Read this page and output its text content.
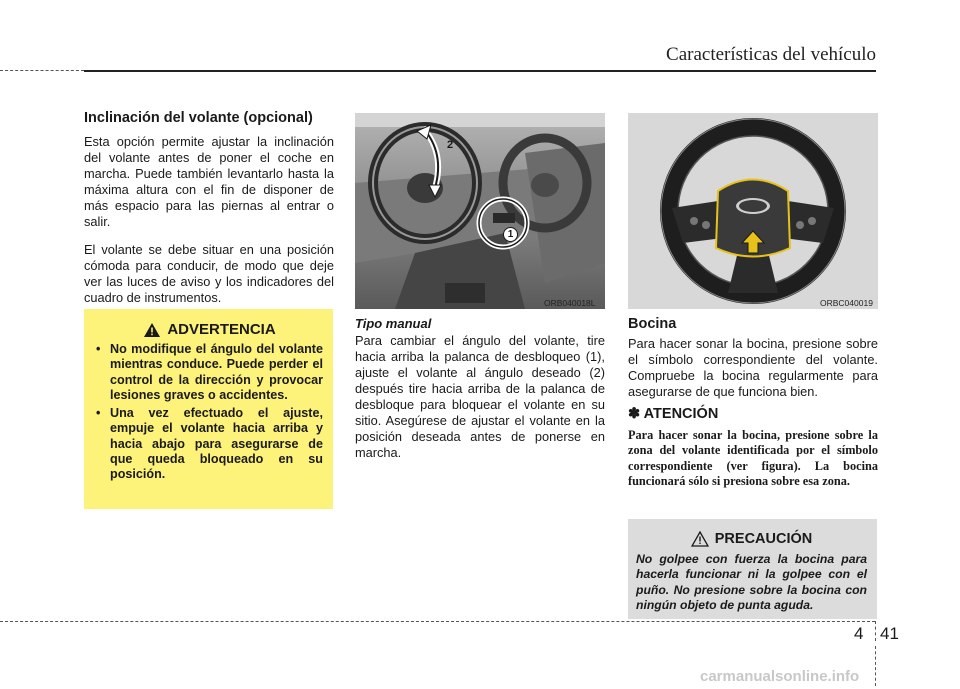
Características del vehículo
Inclinación del volante (opcional)

Esta opción permite ajustar la inclinación del volante antes de poner el coche en marcha. Puede también levantarlo hasta la máxima altura con el fin de disponer de más espacio para las piernas al entrar o salir.

El volante se debe situar en una posición cómoda para conducir, de modo que deje ver las luces de aviso y los indicadores del cuadro de instrumentos.

ADVERTENCIA
• No modifique el ángulo del volante mientras conduce. Puede perder el control de la dirección y provocar lesiones graves o accidentes.
• Una vez efectuado el ajuste, empuje el volante hacia arriba y hacia abajo para asegurarse de que queda bloqueado en su posición.
1
2
ORB040018L	ORBC040019
Tipo manual

Para cambiar el ángulo del volante, tire hacia arriba la palanca de desbloqueo (1), ajuste el volante al ángulo deseado (2) después tire hacia arriba de la palanca de desbloque para bloquear el volante en su sitio. Asegúrese de ajustar el volante en la posición deseada antes de ponerse en marcha.

Bocina

Para hacer sonar la bocina, presione sobre el símbolo correspondiente del volante. Compruebe la bocina regularmente para asegurarse de que funciona bien.

✽ ATENCIÓN

Para hacer sonar la bocina, presione sobre la zona del volante identificada por el símbolo correspondiente (ver figura). La bocina funcionará sólo si presiona sobre esa zona.

PRECAUCIÓN

No golpee con fuerza la bocina para hacerla funcionar ni la golpee con el puño. No presione sobre la bocina con ningún objeto de punta aguda.

4 41
carmanualsonline.info
